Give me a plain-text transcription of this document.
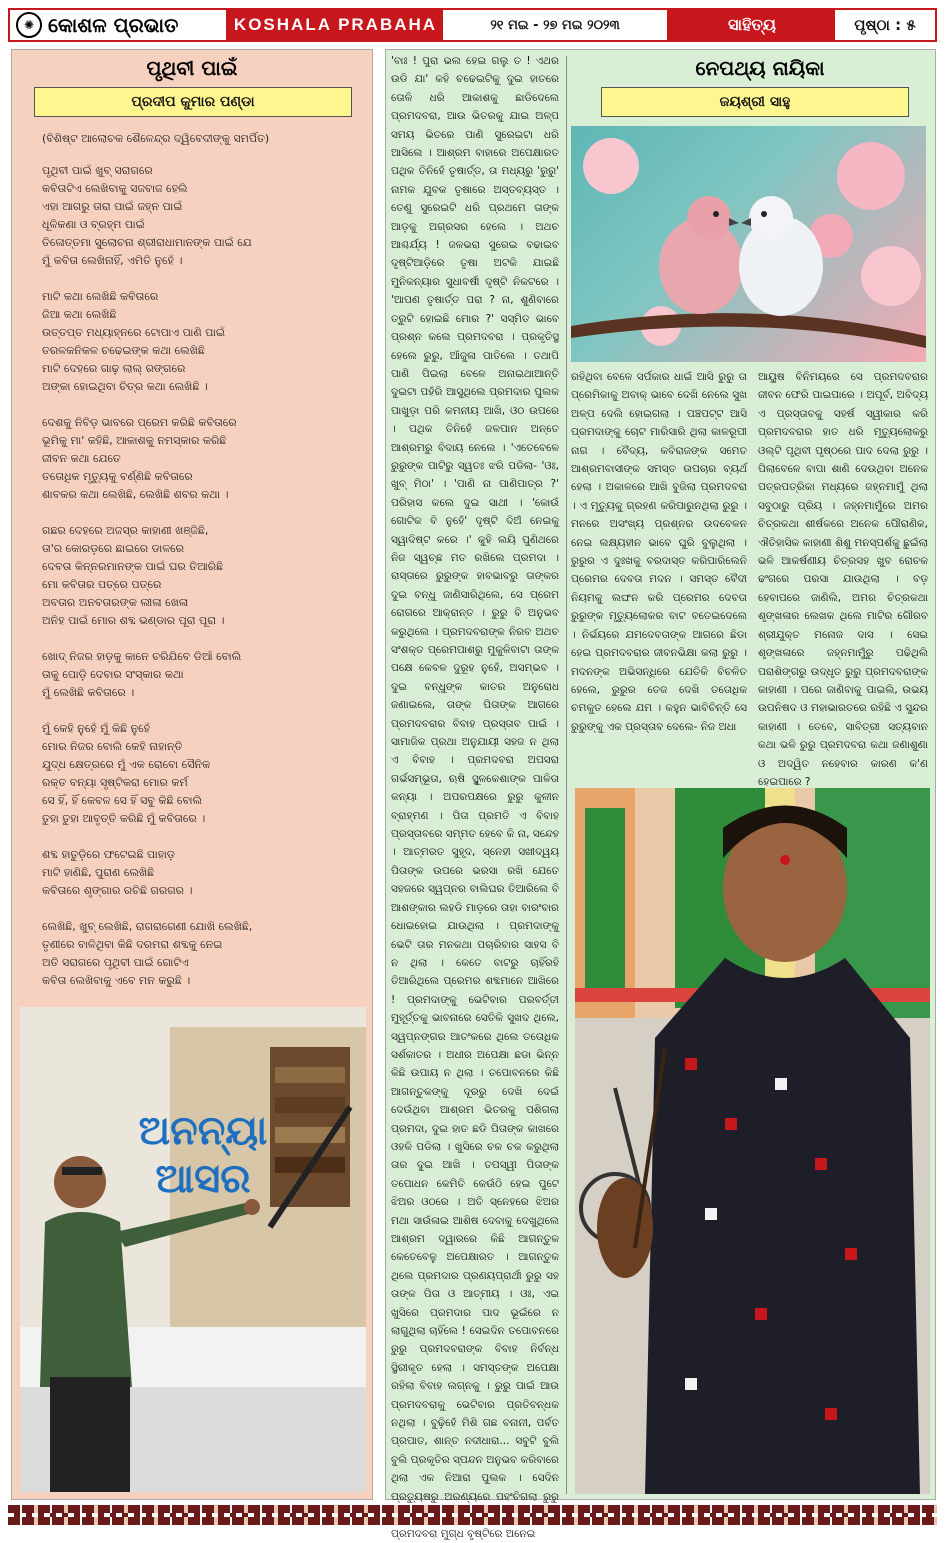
✺ କୋଶଳ ପ୍ରଭାତ	KOSHALA PRABAHA	୨୧ ମଇ - ୨୭ ମଇ ୨୦୨୩	ସାହିତ୍ୟ	ପୃଷ୍ଠା : ୫
ପୃଥିବୀ ପାଇଁ
ପ୍ରଦୀପ କୁମାର ପଣ୍ଡା
(ବିଶିଷ୍ଟ ଆଲୋଚକ ଶୈଳେନ୍ଦ୍ର ଦ୍ୱିବେଦୀଙ୍କୁ ସମର୍ପିତ)
ପୃଥିବୀ ପାଇଁ ଖୁବ୍ ସରାଗରେ
କବିତାଟିଏ ଲେଖିବାକୁ ସଜବାଜ ହେଲି
ଏହା ଆଗରୁ ତାରା ପାଇଁ ଜହ୍ନ ପାଇଁ
ଧୂଳିକଣା ଓ ବ୍ରହ୍ମ ପାଇଁ
ତିଳୋତ୍ତମା ସୁଲୋଚନା ଶ୍ରୀରାଧାମାନଙ୍କ ପାଇଁ ଯେ
ମୁଁ କବିତା ଲେଖିନାହିଁ, ଏମିତି ନୁହେଁ ।
ମାଟି କଥା ଲେଖିଛି କବିତାରେ
ଜିଆ କଥା ଲେଖିଛି
ଉତ୍ତପ୍ତ ମଧ୍ୟାହ୍ନରେ ଟୋପାଏ ପାଣି ପାଇଁ
ତରଳକନିକଳ ଚଢେଇଙ୍କ କଥା ଲେଖିଛି
ମାଟି ଦେହରେ ଗାଢ଼ ଲାଲ୍ ରଙ୍ଗରେ
ଅଙ୍କା ହୋଇଥିବା ଚିତ୍ର କଥା ଲେଖିଛି ।
ଦେଶକୁ ନିବିଡ଼ ଭାବରେ ପ୍ରେମ କରିଛି କବିତାରେ
ଭୂମିକୁ ମା' କହିଛି, ଆକାଶକୁ ନମସ୍କାର କରିଛି
ଜୀବନ କଥା ଯେତେ
ତତୋଧିକ ମୃତ୍ୟୁକୁ ବର୍ଣ୍ଣିଛି କବିତାରେ
ଶାବକର କଥା ଲେଖିଛି, ଲେଖିଛି ଶବର କଥା ।
ଗଛର ଦେହରେ ଅଜସ୍ର କାହାଣୀ ଖଞ୍ଜିଛି,
ତା'ର କୋରଡ଼ରେ ଛାଇରେ ଡାଳରେ
ଦେବତା କିନ୍ନରମାନଙ୍କ ପାଇଁ ଘର ତିଆରିଛି
ମୋ କବିତାର ପତ୍ରେ ପତ୍ରେ
ଅବତାର ଅନବତାରଙ୍କ ଲୀଳା ଖେଳା
ଅନିହ ପାଇଁ ମୋର ଶବ୍ଦ ଭଣ୍ଡାର ପୂରା ପୂରା ।
ଖୋଦ୍ ନିଜର ହାଡ଼କୁ କାନେ ଚରିଯିବେ ଡିଆଁ ବୋଲି
ତାକୁ ପୋଡ଼ି ଦେବାର ସଂସ୍କାର କଥା
ମୁଁ ଲେଖିଛି କବିତାରେ ।
ମୁଁ କେହି ନୁହେଁ ମୁଁ କିଛି ନୁହେଁ
ମୋର ନିଜର ବୋଲି କେହି ନାହାନ୍ତି
ଯୁଦ୍ଧ କ୍ଷେତ୍ରରେ ମୁଁ ଏକ ରୋବୋ ସୈନିକ
ରକ୍ତ ବନ୍ୟା ସୃଷ୍ଟିକରା ମୋର କର୍ମ
ସେ ହିଁ, ହିଁ କେବଳ ସେ ହିଁ ସବୁ କିଛି ବୋଲି
ତୁହା ତୁହା ଆବୃତ୍ତି କରିଛି ମୁଁ କବିତାରେ ।
ଶବ୍ଦ ହାତୁଡ଼ିରେ ଫଟେଇଛି ପାହାଡ଼
ମାଟି ହାଣିଛି, ପୁରାଣ ଲେଖିଛି
କବିତାରେ ଶୃଙ୍ଗାର ରଚିଛି ଗରଗର ।
ଲେଖିଛି, ଖୁବ୍ ଲେଖିଛି, ରାଗରାଗେଣୀ ଯୋଖି ଲେଖିଛି,
ତୃଣୀରେ ବାଳିଥିବା କିଛି ଦରମରା ଶବ୍ଦକୁ ନେଇ
ଅତି ସରାଗରେ ପୃଥିବୀ ପାଇଁ ଗୋଟିଏ
କବିତା ଲେଖିବାକୁ ଏବେ ମନ କରୁଛି ।
ଅନନ୍ୟା ଆସର
ନେପଥ୍ୟ ନାୟିକା
ଜୟଶ୍ରୀ ସାହୁ
'ବାଃ ! ପୁରା ଭଲ ହେଇ ଗଲୁ ତ ! ଏଥର ଉଡି ଯା' କହି ଚଢେଇଟିକୁ ଦୁଇ ହାତରେ ତୋଳି ଧରି ଆକାଶକୁ ଛାଡିଦେଲେ ପ୍ରମଦବରା, ଆଉ ଭିତରକୁ ଯାଇ ଅଳ୍ପ ସମୟ ଭିତରେ ପାଣି ସୁରେଇଟା ଧରି ଆସିଲେ । ଆଶ୍ରମ ବାହାରେ ଅପେକ୍ଷାରତ ପଥିକ ତିନିହେଁ ତୃଷାର୍ତ୍ତ, ତା ମଧ୍ୟରୁ 'ରୁରୁ' ନାମକ ଯୁବକ ତୃଷାରେ ଅସ୍ତବ୍ୟସ୍ତ । ତେଣୁ ସୁରେଇଟି ଧରି ପ୍ରଥମେ ତାଙ୍କ ଆଡ଼କୁ ଅଗ୍ରସର ହେଲେ । ଅଥଚ ଆଶ୍ଚର୍ଯ୍ୟ ! ଜଳଭରା ସୁରେଇ ବଢାଇବ ଦୃଷ୍ଟିଆଡ଼ିରେ ତୃଷା ଅଟକି ଯାଇଛି ମୁନିକନ୍ୟାର ସୁଧାବର୍ଷୀ ଦୃଷ୍ଟି ନିକଟରେ । 'ଆପଣ ତୃଷାର୍ତ୍ତ ପରା ? ନା, ଶୁଣିବାରେ ତ୍ରୁଟି ହୋଇଛି ମୋର ?' ସସ୍ମିତ ଭାବେ ପ୍ରଶ୍ନ କଲେ ପ୍ରମଦବରା । ପ୍ରକୃତିସ୍ଥ ହେଲେ ରୁରୁ, ଆଁଜୁଳା ପାତିଲେ । ତଥାପି ପାଣି ପିଇଲା ବେଳେ ଅନାଇଥାଆନ୍ତି ଦୁଇଟା ପହଁରି ଆସୁଥିଲେ ପ୍ରମଦାର ପୁଲକ ପାଖୁଡ଼ା ପରି କମନୀୟ ଆଖି, ଓଠ ଉପରେ । ପଥିକ ତିନିହେଁ ଜଳପାନ ଅନ୍ତେ ଆଶ୍ରମରୁ ବିଦାୟ ନେଲେ । 'ଏତେବେଳେ ରୁରୁଙ୍କ ପାଟିରୁ ସ୍ୱତଃ ଝରି ପଡିଲା- 'ଓଃ, ଖୁବ୍ ମିଠା' । 'ପାଣି ନା ପାଣିପାତ୍ର ?' ପରିହାସ କଲେ ଦୁଇ ସାଥୀ । 'କୋଉଁ ଗୋଟିକ ବି ନୁହେଁ' ଦୃଷ୍ଟି ଦିଅଁ ନେଇକୁ ସ୍ୱାଦିଷ୍ଟ କରେ ।' କୁହି ଲୟି ପୁଣିଥରେ ନିଜ ସ୍ୱଚ୍ଛ ମତ ରଖିଲେ ପ୍ରମଦା । ରାସ୍ତାରେ ରୁରୁଙ୍କ ହାବଭାବରୁ ତାଙ୍କର ଦୁଇ ବନ୍ଧୁ ଜାଣିସାରିଥିଲେ, ସେ ପ୍ରେମ ରୋଗରେ ଆକ୍ରାନ୍ତ । ରୁରୁ ବି ଅନୁଭବ କରୁଥିଲେ । ପ୍ରମଦବରାଙ୍କ ନିରବ ଅଥଚ ସଂଶକ୍ତ ପ୍ରେମପାଶରୁ ମୁକୁଳିବାଟା ତାଙ୍କ ପକ୍ଷେ କେବଳ ଦୁରୂହ ନୁହେଁ, ଅସମ୍ଭବ । ଦୁଇ ବନ୍ଧୁଙ୍କ କାତର ଅନୁରୋଧ ଜଣାଇଲେ, ତାଙ୍କ ପିତାଙ୍କ ଆଗରେ ପ୍ରମଦବରାର ବିବାହ ପ୍ରସ୍ତାବ ପାଇଁ । ସାମାଜିକ ପ୍ରଥା ଅନୁଯାୟୀ ସହଜ ନ ଥିଲା ଏ ବିବାହ । ପ୍ରମଦବରା ଅପସରା ଗର୍ଭସମ୍ଭୂତା, ଋଷି ସ୍ଥୂଳକେଶାଙ୍କ ପାଳିତା କନ୍ୟା । ଅପରପକ୍ଷରେ ରୁରୁ କୁଳୀନ ବ୍ରାହ୍ମଣ । ପିତା ପ୍ରମତି ଏ ବିବାହ ପ୍ରସ୍ତାବରେ ସମ୍ମତ ହେବେ କି ନା, ସନ୍ଦେହ । ଆତ୍ମରତ ସୁହୃଦ, ସ୍ନେହୀ ସଖୀଦ୍ୱୟ ପିତାଙ୍କ ଉପରେ ଭରସା ରଖି ଯେତେ ସହଜରେ ସ୍ୱପ୍ନର ବାଲିଘର ତିଆରିଲେ ବି ଆଶଙ୍କାର ଲହଡି ମାଡ଼ରେ ତାହା ବାରଂବାର ଧୋଇହୋଇ ଯାଉଥିଲା । ପ୍ରମଦାଙ୍କୁ ଭେଟି ତାର ମନକଥା ପଚାରିବାର ସାହସ ବି ନ ଥିଲା । କେତେ ବାଟରୁ ଚାହିଁରହି ତିଆରିଥିଲେ ପ୍ରେମର ଶବ୍ଦମାନେ ଆଖିରେ ! ପ୍ରମଦାଙ୍କୁ ଭେଟିବାର ପରବର୍ତ୍ତୀ ମୁହୂର୍ତ୍ତକୁ ଭାବନାରେ ସେତିକି ସୁଖଦ ଥିଲେ, ସ୍ୱପ୍ନଙ୍ଗର ଆତଂକରେ ଥିଲେ ତତୋଧିକ ସର୍ଶକାତର । ଅଧୀର ଅପେକ୍ଷା ଛଡା ଭିନ୍ନ କିଛି ଉପାୟ ନ ଥିଲା । ତପୋବନରେ କିଛି ଆଗନ୍ତୁକଙ୍କୁ ଦୂରରୁ ଦେଖି ଦେଇଁ ଦେଉଁଥିବା ଆଶ୍ରମ ଭିତରକୁ ପଶିଗଲା ପ୍ରମଦା, ଦୁଇ ହାତ ଛଡି ପିତାଙ୍କ କାଖରେ ଓହଳି ପଡିଲା । ଖୁସିରେ ଚକ ଚକ କରୁଥିଲା ତାର ଦୁଇ ଆଖି । ତପସ୍ୱୀ ପିତାଙ୍କ ତପୋଧନ କେମିତି କେଉଁଠି ହେଇ ପୁଟେ ଝିଅର ଓଠରେ । ଅତି ସ୍ନେହରେ ଝିଅର ମଥା ସାଉଁଳାଇ ଆଶିଷ ଦେବାକୁ ଦେଖୁଥିଲେ ଆଶ୍ରମ ଦ୍ୱାରରେ କିଛି ଆଗନ୍ତୁକ କେତେବେଳୁ ଅପେକ୍ଷାରତ । ଆଗନ୍ତୁକ ଥିଲେ ପ୍ରମଦାର ପ୍ରଣୟପ୍ରାର୍ଥୀ ରୁରୁ ସହ ତାଙ୍କ ପିତା ଓ ଆତ୍ମୀୟ । ଓଃ, ଏଇ ଖୁସିରେ ପ୍ରମଦାର ପାଦ ଭୂଇଁରେ ନ ଲାଗୁଥିଲା ଚାହିଁଲେ ! ସେଇଦିନ ତପୋବନରେ ରୁରୁ ପ୍ରମଦବରାଙ୍କ ବିବାହ ନିର୍ବନ୍ଧ ସ୍ଥିରୀକୃତ ହେଲା । ସମସ୍ତଙ୍କ ଅପେକ୍ଷା ରହିଲା ବିବାହ ଲଗ୍ନକୁ । ରୁରୁ ପାଇଁ ଆଉ ପ୍ରମଦବରାକୁ ଭେଟିବାର ପ୍ରତିବନ୍ଧକ ନଥିଲା । ବୁଢ଼ିହେଁ ମିଶି ଗଛ ବନାନୀ, ପର୍ବତ ପ୍ରପାତ, ଶାନ୍ତ ନଦୀଧାରା... ସବୁଟି ବୁଲି ବୁଲି ପ୍ରକୃତିର ସ୍ପନ୍ଦନ ଅନୁଭବ କରିବାରେ ଥିଲା ଏକ ନିଆରା ପୁଲକ । ସେଦିନ ପ୍ରତ୍ୟୁଷରୁ ଅରଣ୍ୟରେ ପହଂଚିଗଲା ରୁରୁ ପ୍ରମଦବରା ମୁଗ୍ଧ ବୃଷ୍ଟିରେ ଅନେଇ
ରହିଥିବା ବେଳେ ସର୍ପକାର ଧାଇଁ ଆସି ରୁରୁ ତା ପ୍ରେମିକାକୁ ଅବାକ୍ ଭାବେ ଦେଖି ନେଲେ ସୁଖ ଅଳ୍ପ ଦେଲି ହୋଇଗଲା । ପଞ୍ଚପଟ୍ଟ ଆସି ପ୍ରମଦାଙ୍କୁ ଚୋଟ ମାରିସାରି ଥିଲା କାଳରୂପୀ ନାଗ । ବୈଦ୍ୟ, କବିରାଜଙ୍କ ସମେତ ଆଶ୍ରମବାସୀଙ୍କ ସମସ୍ତ ଉପଚାର ବ୍ୟର୍ଥ ହେଲା । ଅକାଳରେ ଆଖି ବୁଜିଲା ପ୍ରମଦବରା । ଏ ମୃତ୍ୟୁକୁ ଗ୍ରହଣ କରିପାରୁନଥିଲା ରୁରୁ । ମନରେ ଅସଂଖ୍ୟ ପ୍ରଶ୍ନର ଉଦବେଳନ ନେଇ ଲକ୍ଷ୍ୟହୀନ ଭାବେ ଘୁରି ବୁଲୁଥିଲା । ରୁରୁର ଏ ଦୁଃଖକୁ ବରଦାସ୍ତ କରିପାରିଲେନି ପ୍ରେମର ଦେବତା ମଦନ । ସମସ୍ତ ବୈଦୀ ନିୟମକୁ ଲଙ୍ଘନ କରି ପ୍ରେମର ଦେବତା ରୁରୁଙ୍କ ମୃତ୍ୟୁଲୋକର ବାଟ ବତେଇଦେଲେ । ନିର୍ଭୟରେ ଯମଦେବତାଙ୍କ ଆଗରେ ଛିଡା ହେଇ ପ୍ରମଦବରାର ଜୀବନଭିକ୍ଷା କଲା ରୁରୁ । ମଦନଙ୍କ ଅଭିସନ୍ଧିରେ ଯେତିକି ବିଚଳିତ ହେଲେ, ରୁରୁର ତେଜ ଦେଖି ତତୋଧିକ ଚମକୁତ ହେଲେ ଯମ । କହୁନ ଭାବିଚିନ୍ତି ସେ ରୁରୁଙ୍କୁ ଏକ ପ୍ରସ୍ତାବ ଦେଲେ- ନିଜ ଅଧା
ଆୟୁଷ ବିନିମୟରେ ସେ ପ୍ରମଦବରାର ଜୀବନ ଫେରି ପାଇପାରେ । ଅପୂର୍ବ, ଅବିଦ୍ୟ ଏ ପ୍ରସ୍ତାବକୁ ସହର୍ଷ ସ୍ୱୀକାର କରି ପ୍ରମଦବରାର ହାତ ଧରି ମୃତ୍ୟୁଲୋକରୁ ଓଲ୍ଟି ପୃଥିବୀ ପୃଷ୍ଠରେ ପାଦ ଦେଲା ରୁରୁ । ପିଲାବେଳେ ବାପା ଶାଣି ଦେଉଥିବା ଅନେକ ପତ୍ରପତ୍ରିକା ମଧ୍ୟରେ ଜହ୍ନମାମୁଁ ଥିଲା ସବୁଠାରୁ ପ୍ରିୟ । ଜହ୍ନମାମୁଁରେ ଅମର ଚିତ୍ରକଥା ଶୀର୍ଷକରେ ଅନେକ ପୌରାଣିକ, ଐତିହାସିକ କାହାଣୀ ଶିଶୁ ମନସ୍ପର୍ଶକୁ ଛୁଇଁଲା ଭଳି ଆକର୍ଷଣୀୟ ଚିତ୍ରସହ ଖୁବ ରୋଚକ ଢଂଗରେ ପରସା ଯାଉଥିଲା । ବଡ଼ ହେବାପରେ ଜାଣିଲି, ଅମର ଚିତ୍ରକଥା ଶୃଙ୍ଖଳାର ଲେଖକ ଥିଲେ ମାଟିର ଗୌରବ ଶ୍ରୀଯୁକ୍ତ ମନୋଜ ଦାସ । ସେଇ ଶୃଙ୍ଖଳାରେ ଜହ୍ନମାମୁଁରୁ ପଢିଥିଲି ପରାଶିଙ୍ଗରୁ ଉଦ୍ଧୃତ ରୁରୁ ପ୍ରମଦବରାଙ୍କ କାହାଣୀ । ପରେ ଜାଣିବାକୁ ପାଇଲି, ଉଭୟ ଉପନିଷଦ ଓ ମହାଭାରତରେ ରହିଛି ଏ ସୁନ୍ଦର କାହାଣୀ । ତେବେ, ସାବିତ୍ରୀ ସତ୍ୟବାନ କଥା ଭଳି ରୁରୁ ପ୍ରମଦବରା କଥା ଜଣାଶୁଣା ଓ ଅଦ୍ୱିତ ନହେବାର କାରଣ କ'ଣ ହେଇପାରେ ?
